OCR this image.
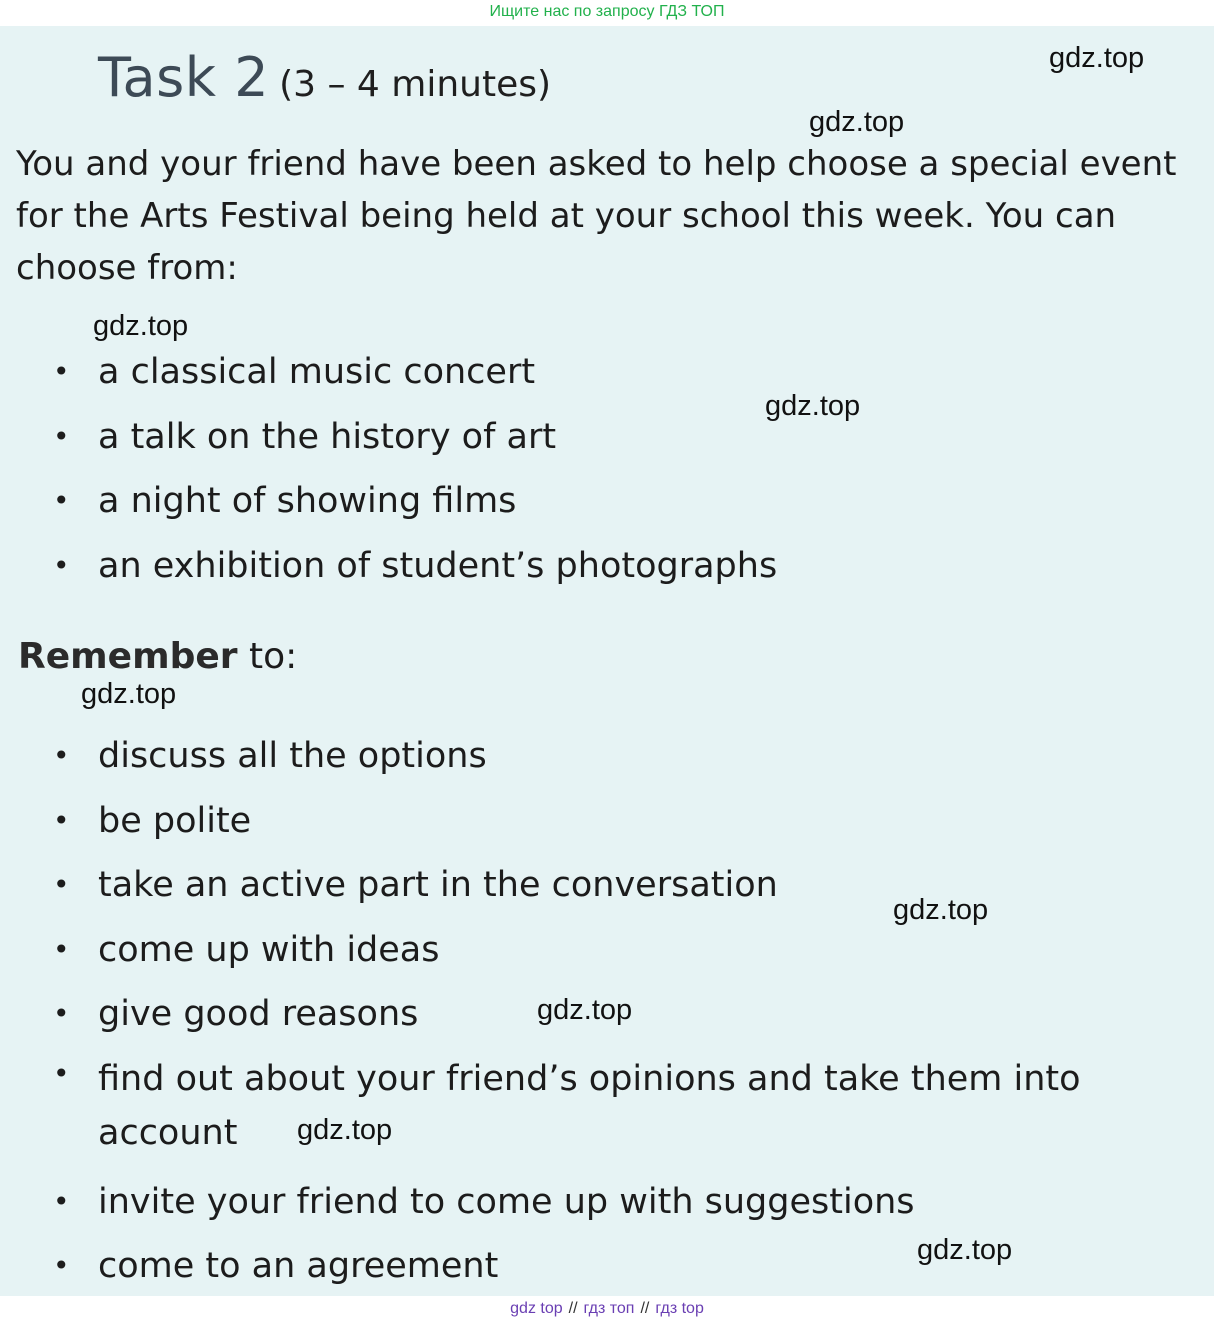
Ищите нас по запросу ГДЗ ТОП
Task 2 (3 – 4 minutes)

You and your friend have been asked to help choose a special event for the Arts Festival being held at your school this week. You can choose from:

• a classical music concert
• a talk on the history of art
• a night of showing films
• an exhibition of student’s photographs

Remember to:

• discuss all the options
• be polite
• take an active part in the conversation
• come up with ideas
• give good reasons
• find out about your friend’s opinions and take them into account
• invite your friend to come up with suggestions
• come to an agreement
gdz.top
gdz.top
gdz.top
gdz.top
gdz.top
gdz.top
gdz.top
gdz.top
gdz.top
gdz top // гдз топ // гдз top
